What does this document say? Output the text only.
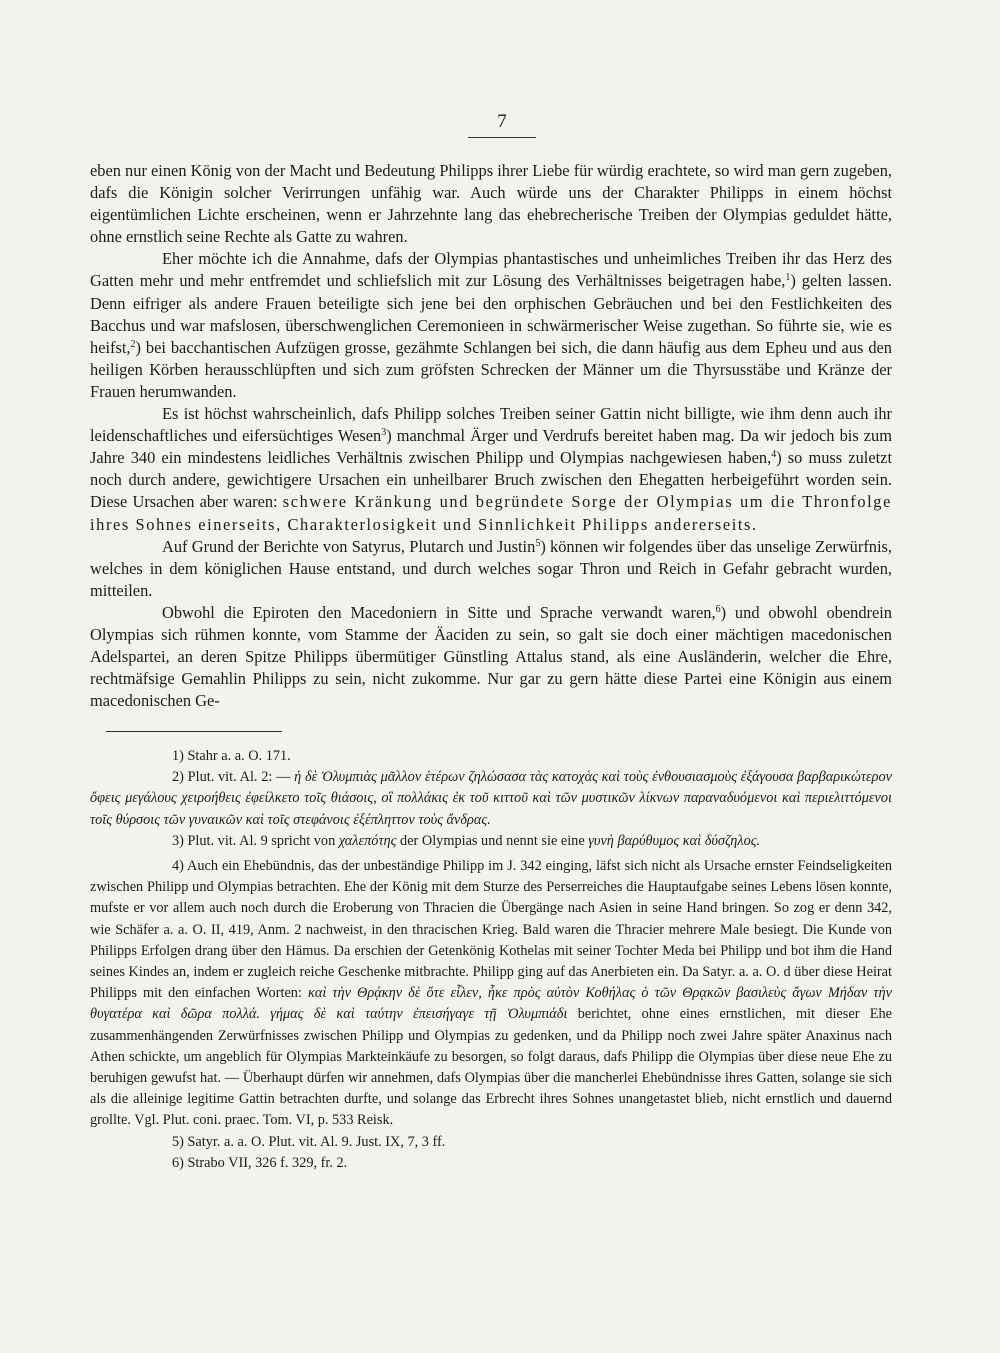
7

eben nur einen König von der Macht und Bedeutung Philipps ihrer Liebe für würdig erachtete, so wird man gern zugeben, dafs die Königin solcher Verirrungen unfähig war. Auch würde uns der Charakter Philipps in einem höchst eigentümlichen Lichte erscheinen, wenn er Jahrzehnte lang das ehebrecherische Treiben der Olympias geduldet hätte, ohne ernstlich seine Rechte als Gatte zu wahren.

Eher möchte ich die Annahme, dafs der Olympias phantastisches und unheimliches Treiben ihr das Herz des Gatten mehr und mehr entfremdet und schliefslich mit zur Lösung des Verhältnisses beigetragen habe,$^1$) gelten lassen. Denn eifriger als andere Frauen beteiligte sich jene bei den orphischen Gebräuchen und bei den Festlichkeiten des Bacchus und war mafslosen, überschwenglichen Ceremonieen in schwärmerischer Weise zugethan. So führte sie, wie es heifst,$^2$) bei bacchantischen Aufzügen grosse, gezähmte Schlangen bei sich, die dann häufig aus dem Epheu und aus den heiligen Körben herausschlüpften und sich zum gröfsten Schrecken der Männer um die Thyrsusstäbe und Kränze der Frauen herumwanden.

Es ist höchst wahrscheinlich, dafs Philipp solches Treiben seiner Gattin nicht billigte, wie ihm denn auch ihr leidenschaftliches und eifersüchtiges Wesen$^3$) manchmal Ärger und Verdrufs bereitet haben mag. Da wir jedoch bis zum Jahre 340 ein mindestens leidliches Verhältnis zwischen Philipp und Olympias nachgewiesen haben,$^4$) so muss zuletzt noch durch andere, gewichtigere Ursachen ein unheilbarer Bruch zwischen den Ehegatten herbeigeführt worden sein. Diese Ursachen aber waren: schwere Kränkung und begründete Sorge der Olympias um die Thronfolge ihres Sohnes einerseits, Charakterlosigkeit und Sinnlichkeit Philipps andererseits.

Auf Grund der Berichte von Satyrus, Plutarch und Justin$^5$) können wir folgendes über das unselige Zerwürfnis, welches in dem königlichen Hause entstand, und durch welches sogar Thron und Reich in Gefahr gebracht wurden, mitteilen.

Obwohl die Epiroten den Macedoniern in Sitte und Sprache verwandt waren,$^6$) und obwohl obendrein Olympias sich rühmen konnte, vom Stamme der Äaciden zu sein, so galt sie doch einer mächtigen macedonischen Adelspartei, an deren Spitze Philipps übermütiger Günstling Attalus stand, als eine Ausländerin, welcher die Ehre, rechtmäfsige Gemahlin Philipps zu sein, nicht zukomme. Nur gar zu gern hätte diese Partei eine Königin aus einem macedonischen Ge-

1) Stahr a. a. O. 171.

2) Plut. vit. Al. 2: — ἡ δὲ Ὀλυμπιὰς μᾶλλον ἑτέρων ζηλώσασα τὰς κατοχὰς καὶ τοὺς ἐνθουσιασμοὺς ἐξάγουσα βαρβαρικώτερον ὄφεις μεγάλους χειροήθεις ἐφείλκετο τοῖς θιάσοις, οἳ πολλάκις ἐκ τοῦ κιττοῦ καὶ τῶν μυστικῶν λίκνων παραναδυόμενοι καὶ περιελιττόμενοι τοῖς θύρσοις τῶν γυναικῶν καὶ τοῖς στεφάνοις ἐξέπληττον τοὺς ἄνδρας.

3) Plut. vit. Al. 9 spricht von χαλεπότης der Olympias und nennt sie eine γυνὴ βαρύθυμος καὶ δύσζηλος.

4) Auch ein Ehebündnis, das der unbeständige Philipp im J. 342 einging, läfst sich nicht als Ursache ernster Feindseligkeiten zwischen Philipp und Olympias betrachten. Ehe der König mit dem Sturze des Perserreiches die Hauptaufgabe seines Lebens lösen konnte, mufste er vor allem auch noch durch die Eroberung von Thracien die Übergänge nach Asien in seine Hand bringen. So zog er denn 342, wie Schäfer a. a. O. II, 419, Anm. 2 nachweist, in den thracischen Krieg. Bald waren die Thracier mehrere Male besiegt. Die Kunde von Philipps Erfolgen drang über den Hämus. Da erschien der Getenkönig Kothelas mit seiner Tochter Meda bei Philipp und bot ihm die Hand seines Kindes an, indem er zugleich reiche Geschenke mitbrachte. Philipp ging auf das Anerbieten ein. Da Satyr. a. a. O. d über diese Heirat Philipps mit den einfachen Worten: καὶ τὴν Θρᾴκην δὲ ὅτε εἷλεν, ἧκε πρὸς αὐτὸν Κοθήλας ὁ τῶν Θρᾳκῶν βασιλεὺς ἄγων Μήδαν τὴν θυγατέρα καὶ δῶρα πολλά. γήμας δὲ καὶ ταύτην ἐπεισήγαγε τῇ Ὀλυμπιάδι berichtet, ohne eines ernstlichen, mit dieser Ehe zusammenhängenden Zerwürfnisses zwischen Philipp und Olympias zu gedenken, und da Philipp noch zwei Jahre später Anaxinus nach Athen schickte, um angeblich für Olympias Markteinkäufe zu besorgen, so folgt daraus, dafs Philipp die Olympias über diese neue Ehe zu beruhigen gewufst hat. — Überhaupt dürfen wir annehmen, dafs Olympias über die mancherlei Ehebündnisse ihres Gatten, solange sie sich als die alleinige legitime Gattin betrachten durfte, und solange das Erbrecht ihres Sohnes unangetastet blieb, nicht ernstlich und dauernd grollte. Vgl. Plut. coni. praec. Tom. VI, p. 533 Reisk.

5) Satyr. a. a. O. Plut. vit. Al. 9. Just. IX, 7, 3 ff.

6) Strabo VII, 326 f. 329, fr. 2.
